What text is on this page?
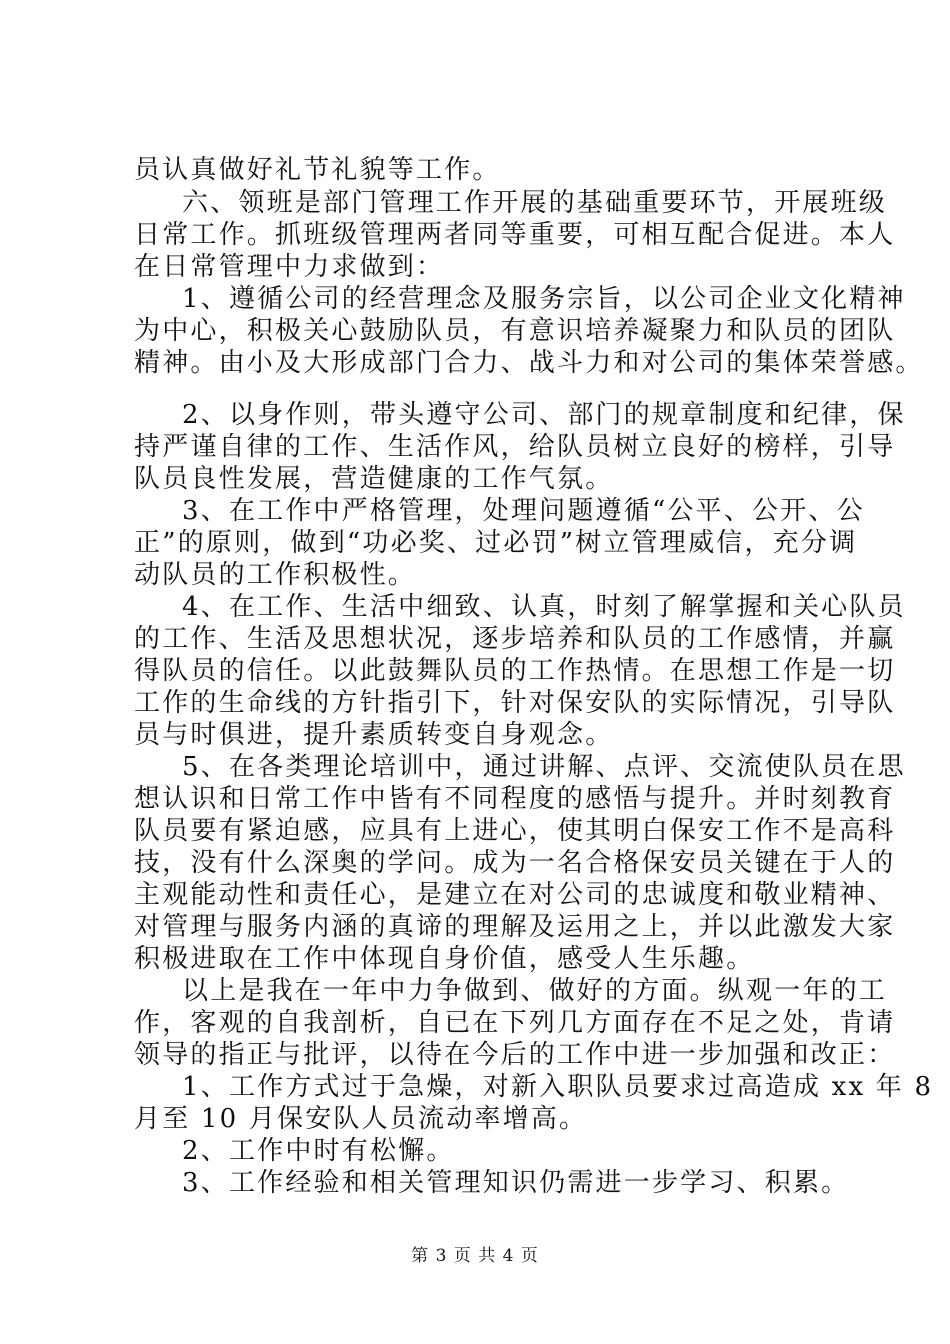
员认真做好礼节礼貌等工作。
六、领班是部门管理工作开展的基础重要环节，开展班级
日常工作。抓班级管理两者同等重要，可相互配合促进。本人
在日常管理中力求做到：
1、遵循公司的经营理念及服务宗旨，以公司企业文化精神
为中心，积极关心鼓励队员，有意识培养凝聚力和队员的团队
精神。由小及大形成部门合力、战斗力和对公司的集体荣誉感。
2、以身作则，带头遵守公司、部门的规章制度和纪律，保
持严谨自律的工作、生活作风，给队员树立良好的榜样，引导
队员良性发展，营造健康的工作气氛。
3、在工作中严格管理，处理问题遵循“公平、公开、公
正”的原则，做到“功必奖、过必罚”树立管理威信，充分调
动队员的工作积极性。
4、在工作、生活中细致、认真，时刻了解掌握和关心队员
的工作、生活及思想状况，逐步培养和队员的工作感情，并赢
得队员的信任。以此鼓舞队员的工作热情。在思想工作是一切
工作的生命线的方针指引下，针对保安队的实际情况，引导队
员与时俱进，提升素质转变自身观念。
5、在各类理论培训中，通过讲解、点评、交流使队员在思
想认识和日常工作中皆有不同程度的感悟与提升。并时刻教育
队员要有紧迫感，应具有上进心，使其明白保安工作不是高科
技，没有什么深奥的学问。成为一名合格保安员关键在于人的
主观能动性和责任心，是建立在对公司的忠诚度和敬业精神、
对管理与服务内涵的真谛的理解及运用之上，并以此激发大家
积极进取在工作中体现自身价值，感受人生乐趣。
以上是我在一年中力争做到、做好的方面。纵观一年的工
作，客观的自我剖析，自已在下列几方面存在不足之处，肯请
领导的指正与批评，以待在今后的工作中进一步加强和改正：
1、工作方式过于急燥，对新入职队员要求过高造成 xx 年 8
月至 10 月保安队人员流动率增高。
2、工作中时有松懈。
3、工作经验和相关管理知识仍需进一步学习、积累。
第 3 页 共 4 页
